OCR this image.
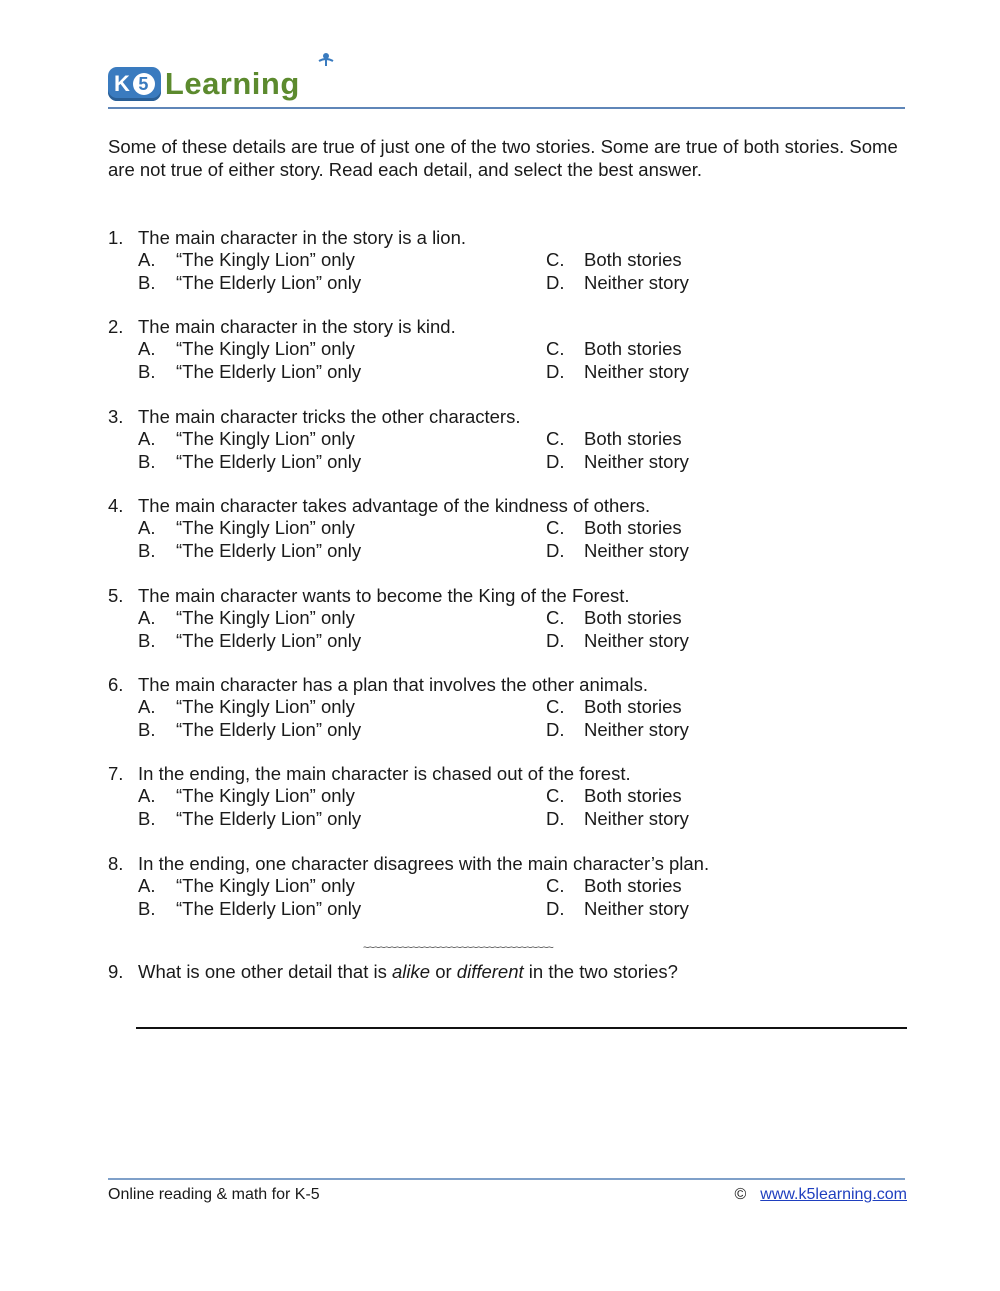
K 5 Learning
Some of these details are true of just one of the two stories. Some are true of both stories. Some are not true of either story. Read each detail, and select the best answer.
1. The main character in the story is a lion.
A. “The Kingly Lion” only
B. “The Elderly Lion” only
C. Both stories
D. Neither story
2. The main character in the story is kind.
A. “The Kingly Lion” only
B. “The Elderly Lion” only
C. Both stories
D. Neither story
3. The main character tricks the other characters.
A. “The Kingly Lion” only
B. “The Elderly Lion” only
C. Both stories
D. Neither story
4. The main character takes advantage of the kindness of others.
A. “The Kingly Lion” only
B. “The Elderly Lion” only
C. Both stories
D. Neither story
5. The main character wants to become the King of the Forest.
A. “The Kingly Lion” only
B. “The Elderly Lion” only
C. Both stories
D. Neither story
6. The main character has a plan that involves the other animals.
A. “The Kingly Lion” only
B. “The Elderly Lion” only
C. Both stories
D. Neither story
7. In the ending, the main character is chased out of the forest.
A. “The Kingly Lion” only
B. “The Elderly Lion” only
C. Both stories
D. Neither story
8. In the ending, one character disagrees with the main character’s plan.
A. “The Kingly Lion” only
B. “The Elderly Lion” only
C. Both stories
D. Neither story
~~~~~~~~~~~~~~~~~~~~~~~~~~~~~~~~~~~
9. What is one other detail that is alike or different in the two stories?
Online reading & math for K-5	© www.k5learning.com
